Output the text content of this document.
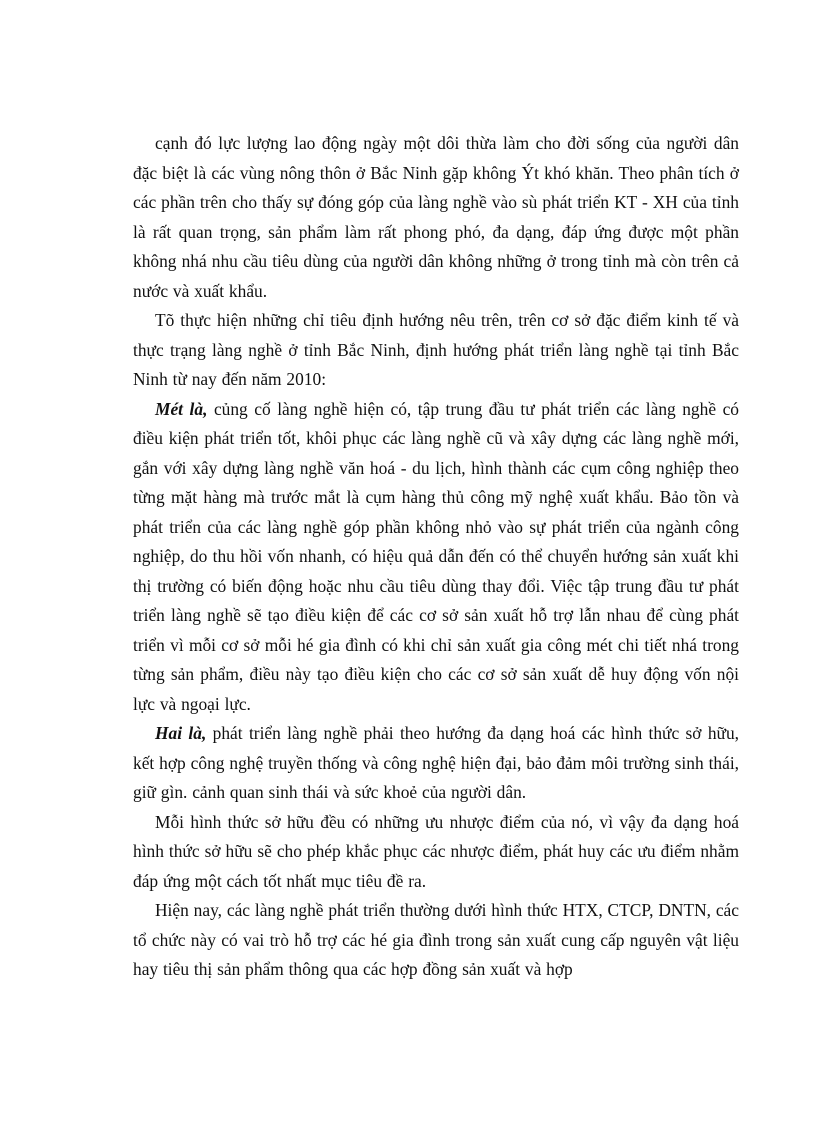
cạnh đó lực lượng lao động ngày một dôi thừa làm cho đời sống của người dân đặc biệt là các vùng nông thôn ở Bắc Ninh gặp không Ýt khó khăn. Theo phân tích ở các phần trên cho thấy sự đóng góp của làng nghề vào sù phát triển KT - XH của tỉnh là rất quan trọng, sản phẩm làm rất phong phó, đa dạng, đáp ứng được một phần không nhá nhu cầu tiêu dùng của người dân không những ở trong tỉnh mà còn trên cả nước và xuất khẩu.

Tõ thực hiện những chỉ tiêu định hướng nêu trên, trên cơ sở đặc điểm kinh tế và thực trạng làng nghề ở tỉnh Bắc Ninh, định hướng phát triển làng nghề tại tỉnh Bắc Ninh từ nay đến năm 2010:

Mét là, củng cố làng nghề hiện có, tập trung đầu tư phát triển các làng nghề có điều kiện phát triển tốt, khôi phục các làng nghề cũ và xây dựng các làng nghề mới, gắn với xây dựng làng nghề văn hoá - du lịch, hình thành các cụm công nghiệp theo từng mặt hàng mà trước mắt là cụm hàng thủ công mỹ nghệ xuất khẩu. Bảo tồn và phát triển của các làng nghề góp phần không nhỏ vào sự phát triển của ngành công nghiệp, do thu hồi vốn nhanh, có hiệu quả dẫn đến có thể chuyển hướng sản xuất khi thị trường có biến động hoặc nhu cầu tiêu dùng thay đổi. Việc tập trung đầu tư phát triển làng nghề sẽ tạo điều kiện để các cơ sở sản xuất hỗ trợ lẫn nhau để cùng phát triển vì mỗi cơ sở mỗi hé gia đình có khi chỉ sản xuất gia công mét chi tiết nhá trong từng sản phẩm, điều này tạo điều kiện cho các cơ sở sản xuất dễ huy động vốn nội lực và ngoại lực.

Hai là, phát triển làng nghề phải theo hướng đa dạng hoá các hình thức sở hữu, kết hợp công nghệ truyền thống và công nghệ hiện đại, bảo đảm môi trường sinh thái, giữ gìn. cảnh quan sinh thái và sức khoẻ của người dân.

Mỗi hình thức sở hữu đều có những ưu nhược điểm của nó, vì vậy đa dạng hoá hình thức sở hữu sẽ cho phép khắc phục các nhược điểm, phát huy các ưu điểm nhằm đáp ứng một cách tốt nhất mục tiêu đề ra.

Hiện nay, các làng nghề phát triển thường dưới hình thức HTX, CTCP, DNTN, các tổ chức này có vai trò hỗ trợ các hé gia đình trong sản xuất cung cấp nguyên vật liệu hay tiêu thị sản phẩm thông qua các hợp đồng sản xuất và hợp
